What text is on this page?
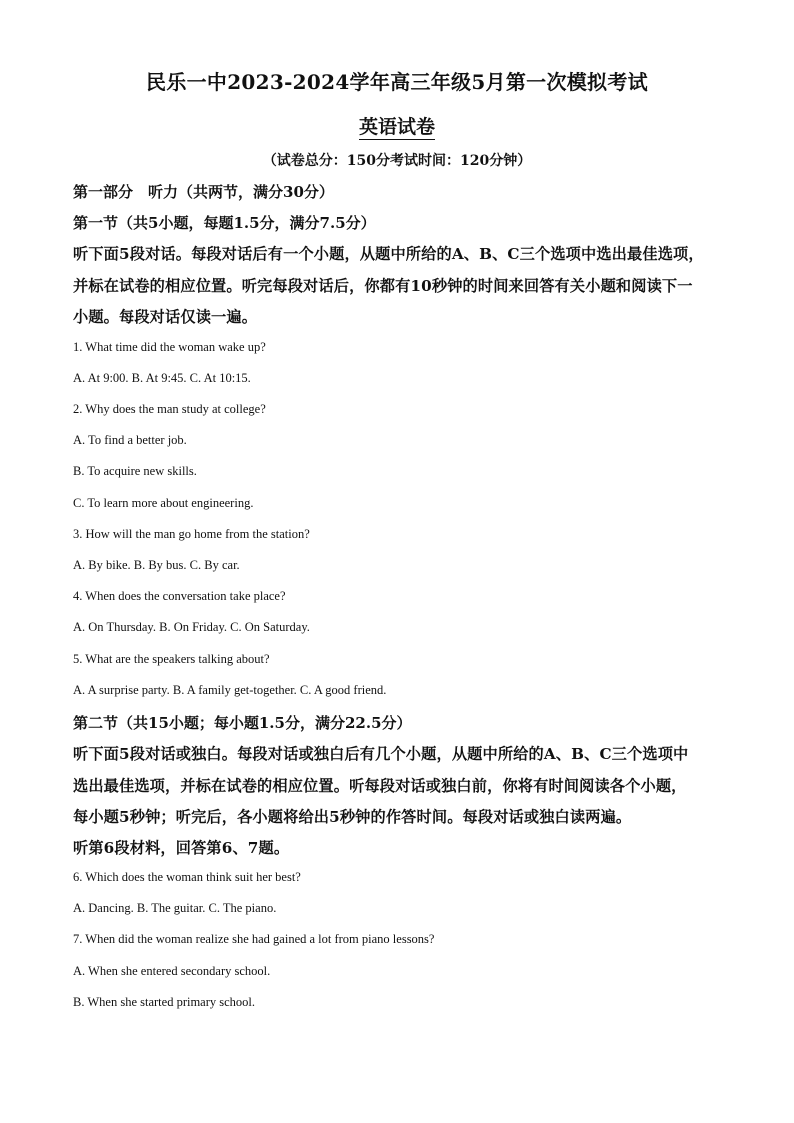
民乐一中2023-2024学年高三年级5月第一次模拟考试
英语试卷
（试卷总分：150分考试时间：120分钟）
第一部分　听力（共两节，满分30分）
第一节（共5小题，每题1.5分，满分7.5分）
听下面5段对话。每段对话后有一个小题，从题中所给的A、B、C三个选项中选出最佳选项，
并标在试卷的相应位置。听完每段对话后，你都有10秒钟的时间来回答有关小题和阅读下一
小题。每段对话仅读一遍。
1. What time did the woman wake up?
A. At 9:00. B. At 9:45. C. At 10:15.
2. Why does the man study at college?
A. To find a better job.
B. To acquire new skills.
C. To learn more about engineering.
3. How will the man go home from the station?
A. By bike. B. By bus. C. By car.
4. When does the conversation take place?
A. On Thursday. B. On Friday. C. On Saturday.
5. What are the speakers talking about?
A. A surprise party. B. A family get-together. C. A good friend.
第二节（共15小题；每小题1.5分，满分22.5分）
听下面5段对话或独白。每段对话或独白后有几个小题，从题中所给的A、B、C三个选项中
选出最佳选项，并标在试卷的相应位置。听每段对话或独白前，你将有时间阅读各个小题，
每小题5秒钟；听完后，各小题将给出5秒钟的作答时间。每段对话或独白读两遍。
听第6段材料，回答第6、7题。
6. Which does the woman think suit her best?
A. Dancing. B. The guitar. C. The piano.
7. When did the woman realize she had gained a lot from piano lessons?
A. When she entered secondary school.
B. When she started primary school.
